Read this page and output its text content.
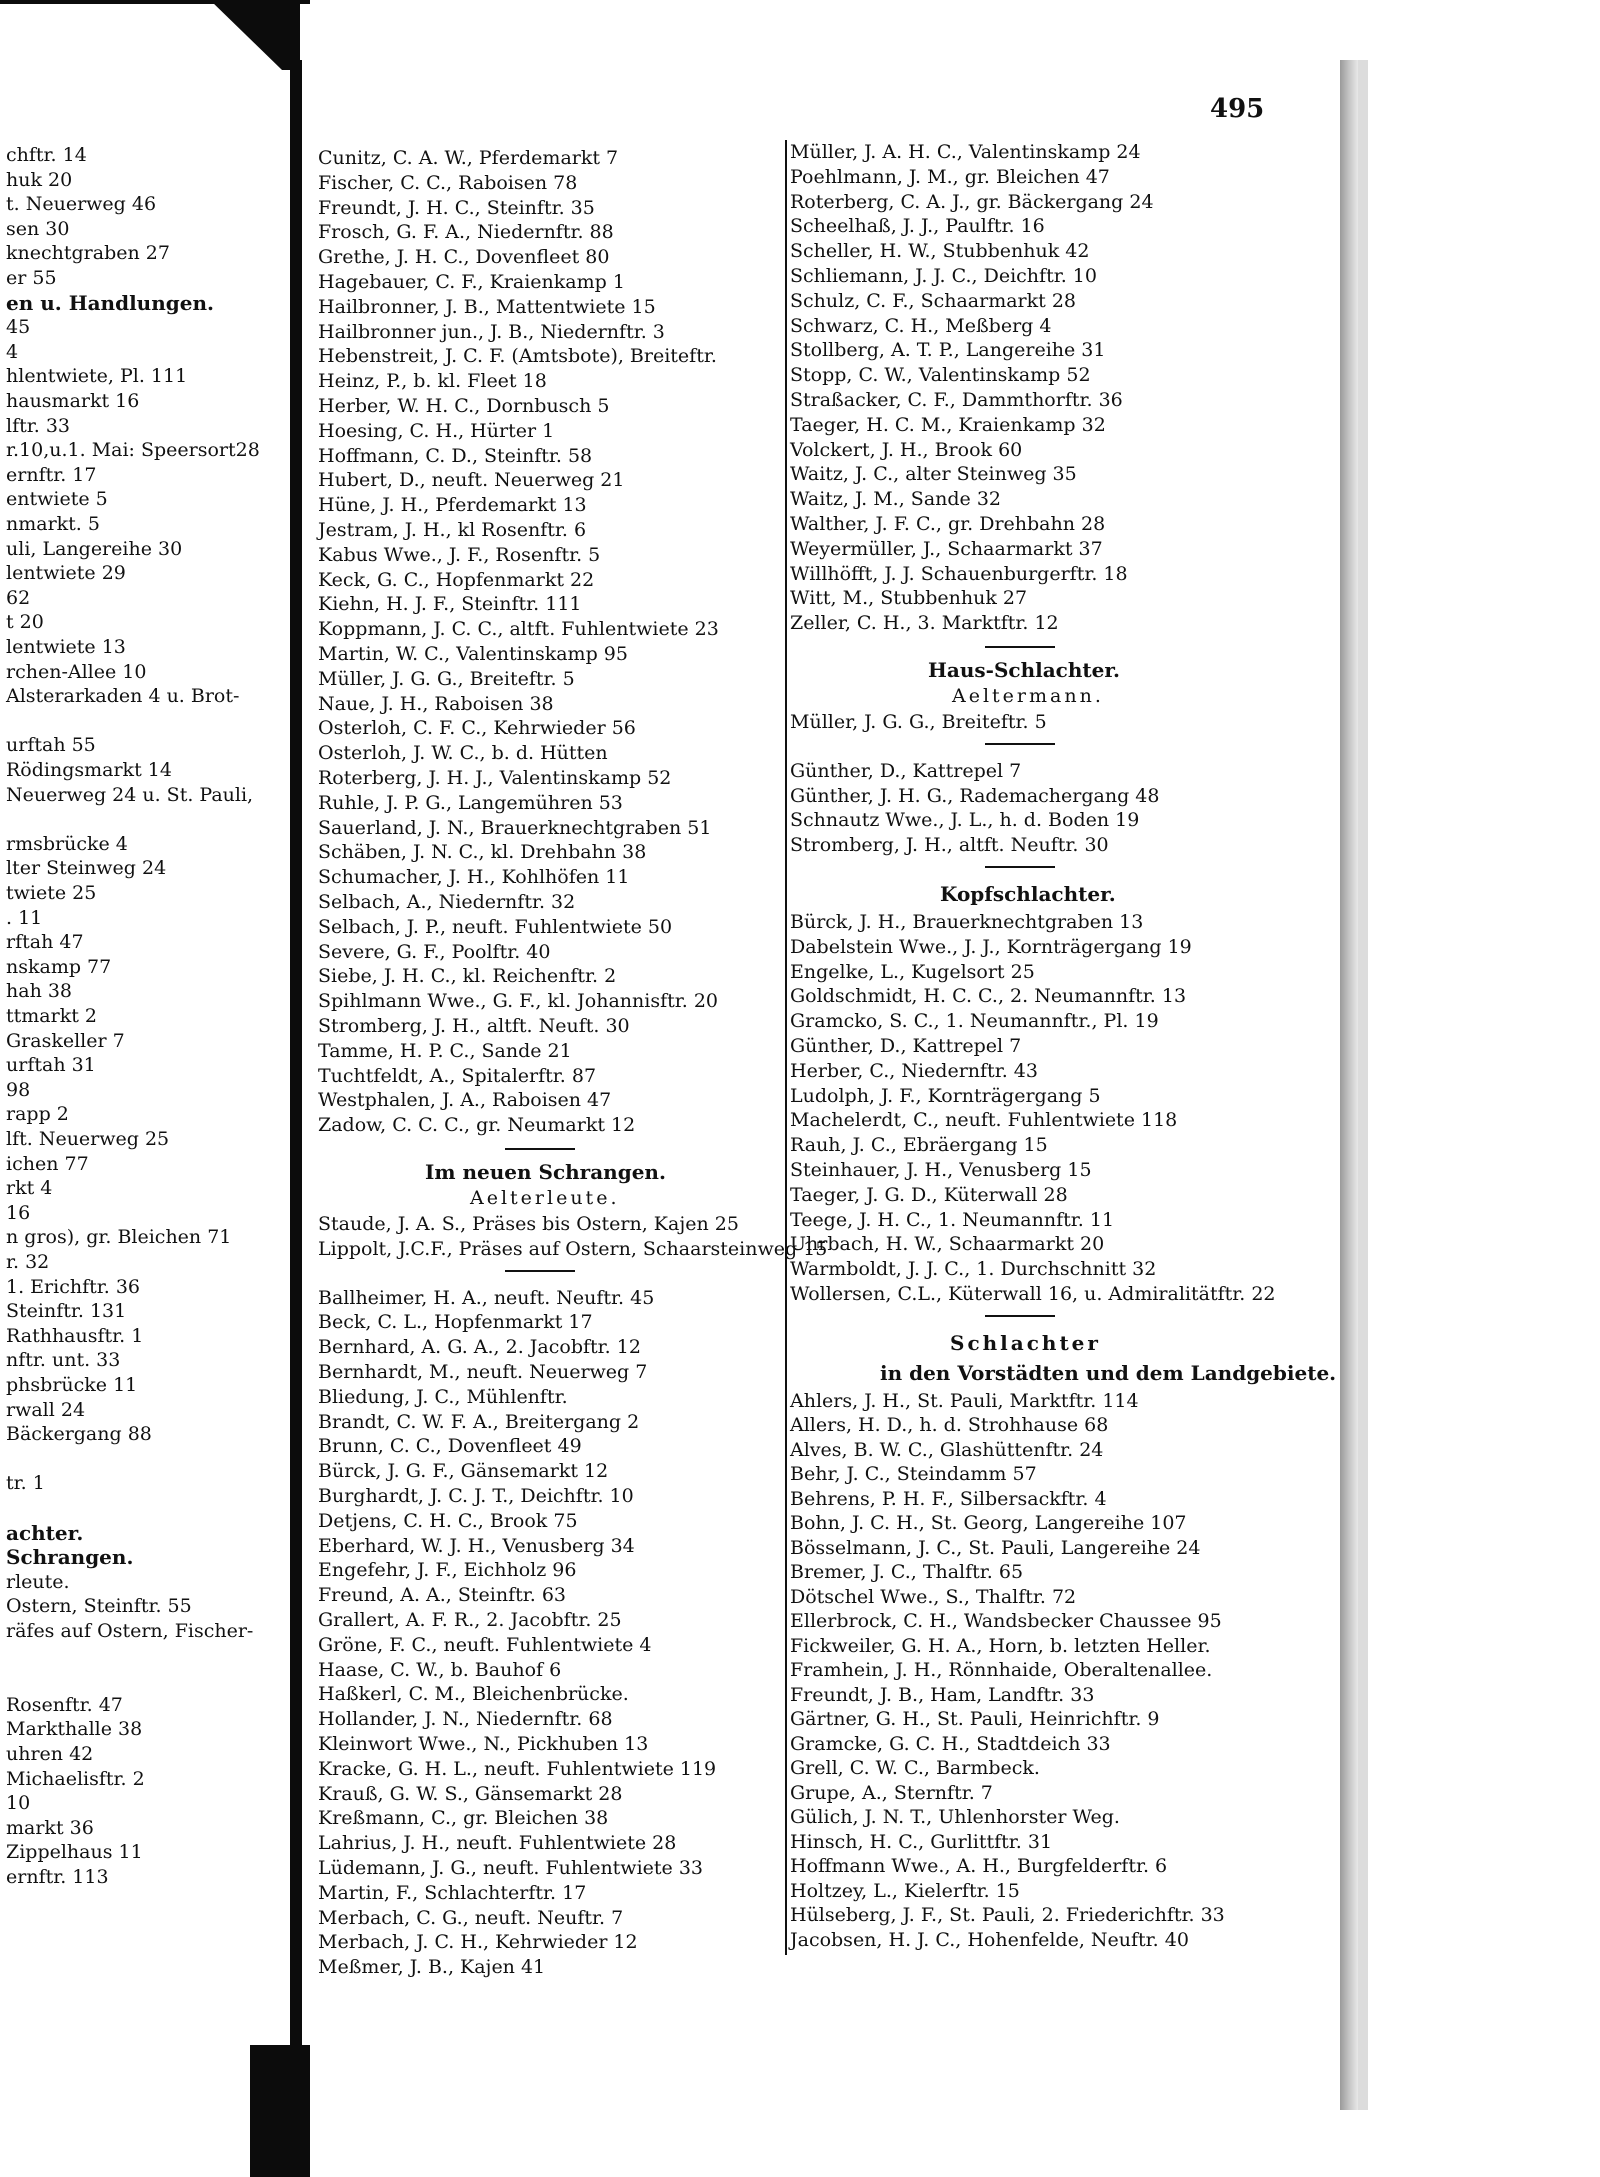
495
chftr. 14
huk 20
t. Neuerweg 46
sen 30
knechtgraben 27
er 55
en u. Handlungen.
45
4
hlentwiete, Pl. 111
hausmarkt 16
lftr. 33
r.10,u.1. Mai: Speersort28
ernftr. 17
entwiete 5
nmarkt. 5
uli, Langereihe 30
lentwiete 29
62
t 20
lentwiete 13
rchen-Allee 10
Alsterarkaden 4 u. Brot-
urftah 55
Rödingsmarkt 14
Neuerweg 24 u. St. Pauli,
rmsbrücke 4
lter Steinweg 24
twiete 25
. 11
rftah 47
nskamp 77
hah 38
ttmarkt 2
Graskeller 7
urftah 31
98
rapp 2
lft. Neuerweg 25
ichen 77
rkt 4
16
n gros), gr. Bleichen 71
r. 32
1. Erichftr. 36
Steinftr. 131
Rathhausftr. 1
nftr. unt. 33
phsbrücke 11
rwall 24
Bäckergang 88
tr. 1
achter.
Schrangen.
rleute.
Ostern, Steinftr. 55
räfes auf Ostern, Fischer-
Rosenftr. 47
Markthalle 38
uhren 42
Michaelisftr. 2
10
markt 36
Zippelhaus 11
ernftr. 113
Cunitz, C. A. W., Pferdemarkt 7
Fischer, C. C., Raboisen 78
Freundt, J. H. C., Steinftr. 35
Frosch, G. F. A., Niedernftr. 88
Grethe, J. H. C., Dovenfleet 80
Hagebauer, C. F., Kraienkamp 1
Hailbronner, J. B., Mattentwiete 15
Hailbronner jun., J. B., Niedernftr. 3
Hebenstreit, J. C. F. (Amtsbote), Breiteftr.
Heinz, P., b. kl. Fleet 18
Herber, W. H. C., Dornbusch 5
Hoesing, C. H., Hürter 1
Hoffmann, C. D., Steinftr. 58
Hubert, D., neuft. Neuerweg 21
Hüne, J. H., Pferdemarkt 13
Jestram, J. H., kl Rosenftr. 6
Kabus Wwe., J. F., Rosenftr. 5
Keck, G. C., Hopfenmarkt 22
Kiehn, H. J. F., Steinftr. 111
Koppmann, J. C. C., altft. Fuhlentwiete 23
Martin, W. C., Valentinskamp 95
Müller, J. G. G., Breiteftr. 5
Naue, J. H., Raboisen 38
Osterloh, C. F. C., Kehrwieder 56
Osterloh, J. W. C., b. d. Hütten
Roterberg, J. H. J., Valentinskamp 52
Ruhle, J. P. G., Langemühren 53
Sauerland, J. N., Brauerknechtgraben 51
Schäben, J. N. C., kl. Drehbahn 38
Schumacher, J. H., Kohlhöfen 11
Selbach, A., Niedernftr. 32
Selbach, J. P., neuft. Fuhlentwiete 50
Severe, G. F., Poolftr. 40
Siebe, J. H. C., kl. Reichenftr. 2
Spihlmann Wwe., G. F., kl. Johannisftr. 20
Stromberg, J. H., altft. Neuft. 30
Tamme, H. P. C., Sande 21
Tuchtfeldt, A., Spitalerftr. 87
Westphalen, J. A., Raboisen 47
Zadow, C. C. C., gr. Neumarkt 12
Im neuen Schrangen.
Aelterleute.
Staude, J. A. S., Präses bis Ostern, Kajen 25
Lippolt, J.C.F., Präses auf Ostern, Schaarsteinweg 15
Ballheimer, H. A., neuft. Neuftr. 45
Beck, C. L., Hopfenmarkt 17
Bernhard, A. G. A., 2. Jacobftr. 12
Bernhardt, M., neuft. Neuerweg 7
Bliedung, J. C., Mühlenftr.
Brandt, C. W. F. A., Breitergang 2
Brunn, C. C., Dovenfleet 49
Bürck, J. G. F., Gänsemarkt 12
Burghardt, J. C. J. T., Deichftr. 10
Detjens, C. H. C., Brook 75
Eberhard, W. J. H., Venusberg 34
Engefehr, J. F., Eichholz 96
Freund, A. A., Steinftr. 63
Grallert, A. F. R., 2. Jacobftr. 25
Gröne, F. C., neuft. Fuhlentwiete 4
Haase, C. W., b. Bauhof 6
Haßkerl, C. M., Bleichenbrücke.
Hollander, J. N., Niedernftr. 68
Kleinwort Wwe., N., Pickhuben 13
Kracke, G. H. L., neuft. Fuhlentwiete 119
Krauß, G. W. S., Gänsemarkt 28
Kreßmann, C., gr. Bleichen 38
Lahrius, J. H., neuft. Fuhlentwiete 28
Lüdemann, J. G., neuft. Fuhlentwiete 33
Martin, F., Schlachterftr. 17
Merbach, C. G., neuft. Neuftr. 7
Merbach, J. C. H., Kehrwieder 12
Meßmer, J. B., Kajen 41
Müller, J. A. H. C., Valentinskamp 24
Poehlmann, J. M., gr. Bleichen 47
Roterberg, C. A. J., gr. Bäckergang 24
Scheelhaß, J. J., Paulftr. 16
Scheller, H. W., Stubbenhuk 42
Schliemann, J. J. C., Deichftr. 10
Schulz, C. F., Schaarmarkt 28
Schwarz, C. H., Meßberg 4
Stollberg, A. T. P., Langereihe 31
Stopp, C. W., Valentinskamp 52
Straßacker, C. F., Dammthorftr. 36
Taeger, H. C. M., Kraienkamp 32
Volckert, J. H., Brook 60
Waitz, J. C., alter Steinweg 35
Waitz, J. M., Sande 32
Walther, J. F. C., gr. Drehbahn 28
Weyermüller, J., Schaarmarkt 37
Willhöfft, J. J. Schauenburgerftr. 18
Witt, M., Stubbenhuk 27
Zeller, C. H., 3. Marktftr. 12
Haus-Schlachter.
Aeltermann.
Müller, J. G. G., Breiteftr. 5
Günther, D., Kattrepel 7
Günther, J. H. G., Rademachergang 48
Schnautz Wwe., J. L., h. d. Boden 19
Stromberg, J. H., altft. Neuftr. 30
Kopfschlachter.
Bürck, J. H., Brauerknechtgraben 13
Dabelstein Wwe., J. J., Kornträgergang 19
Engelke, L., Kugelsort 25
Goldschmidt, H. C. C., 2. Neumannftr. 13
Gramcko, S. C., 1. Neumannftr., Pl. 19
Günther, D., Kattrepel 7
Herber, C., Niedernftr. 43
Ludolph, J. F., Kornträgergang 5
Machelerdt, C., neuft. Fuhlentwiete 118
Rauh, J. C., Ebräergang 15
Steinhauer, J. H., Venusberg 15
Taeger, J. G. D., Küterwall 28
Teege, J. H. C., 1. Neumannftr. 11
Uhrbach, H. W., Schaarmarkt 20
Warmboldt, J. J. C., 1. Durchschnitt 32
Wollersen, C.L., Küterwall 16, u. Admiralitätftr. 22
Schlachter
in den Vorstädten und dem Landgebiete.
Ahlers, J. H., St. Pauli, Marktftr. 114
Allers, H. D., h. d. Strohhause 68
Alves, B. W. C., Glashüttenftr. 24
Behr, J. C., Steindamm 57
Behrens, P. H. F., Silbersackftr. 4
Bohn, J. C. H., St. Georg, Langereihe 107
Bösselmann, J. C., St. Pauli, Langereihe 24
Bremer, J. C., Thalftr. 65
Dötschel Wwe., S., Thalftr. 72
Ellerbrock, C. H., Wandsbecker Chaussee 95
Fickweiler, G. H. A., Horn, b. letzten Heller.
Framhein, J. H., Rönnhaide, Oberaltenallee.
Freundt, J. B., Ham, Landftr. 33
Gärtner, G. H., St. Pauli, Heinrichftr. 9
Gramcke, G. C. H., Stadtdeich 33
Grell, C. W. C., Barmbeck.
Grupe, A., Sternftr. 7
Gülich, J. N. T., Uhlenhorster Weg.
Hinsch, H. C., Gurlittftr. 31
Hoffmann Wwe., A. H., Burgfelderftr. 6
Holtzey, L., Kielerftr. 15
Hülseberg, J. F., St. Pauli, 2. Friederichftr. 33
Jacobsen, H. J. C., Hohenfelde, Neuftr. 40
